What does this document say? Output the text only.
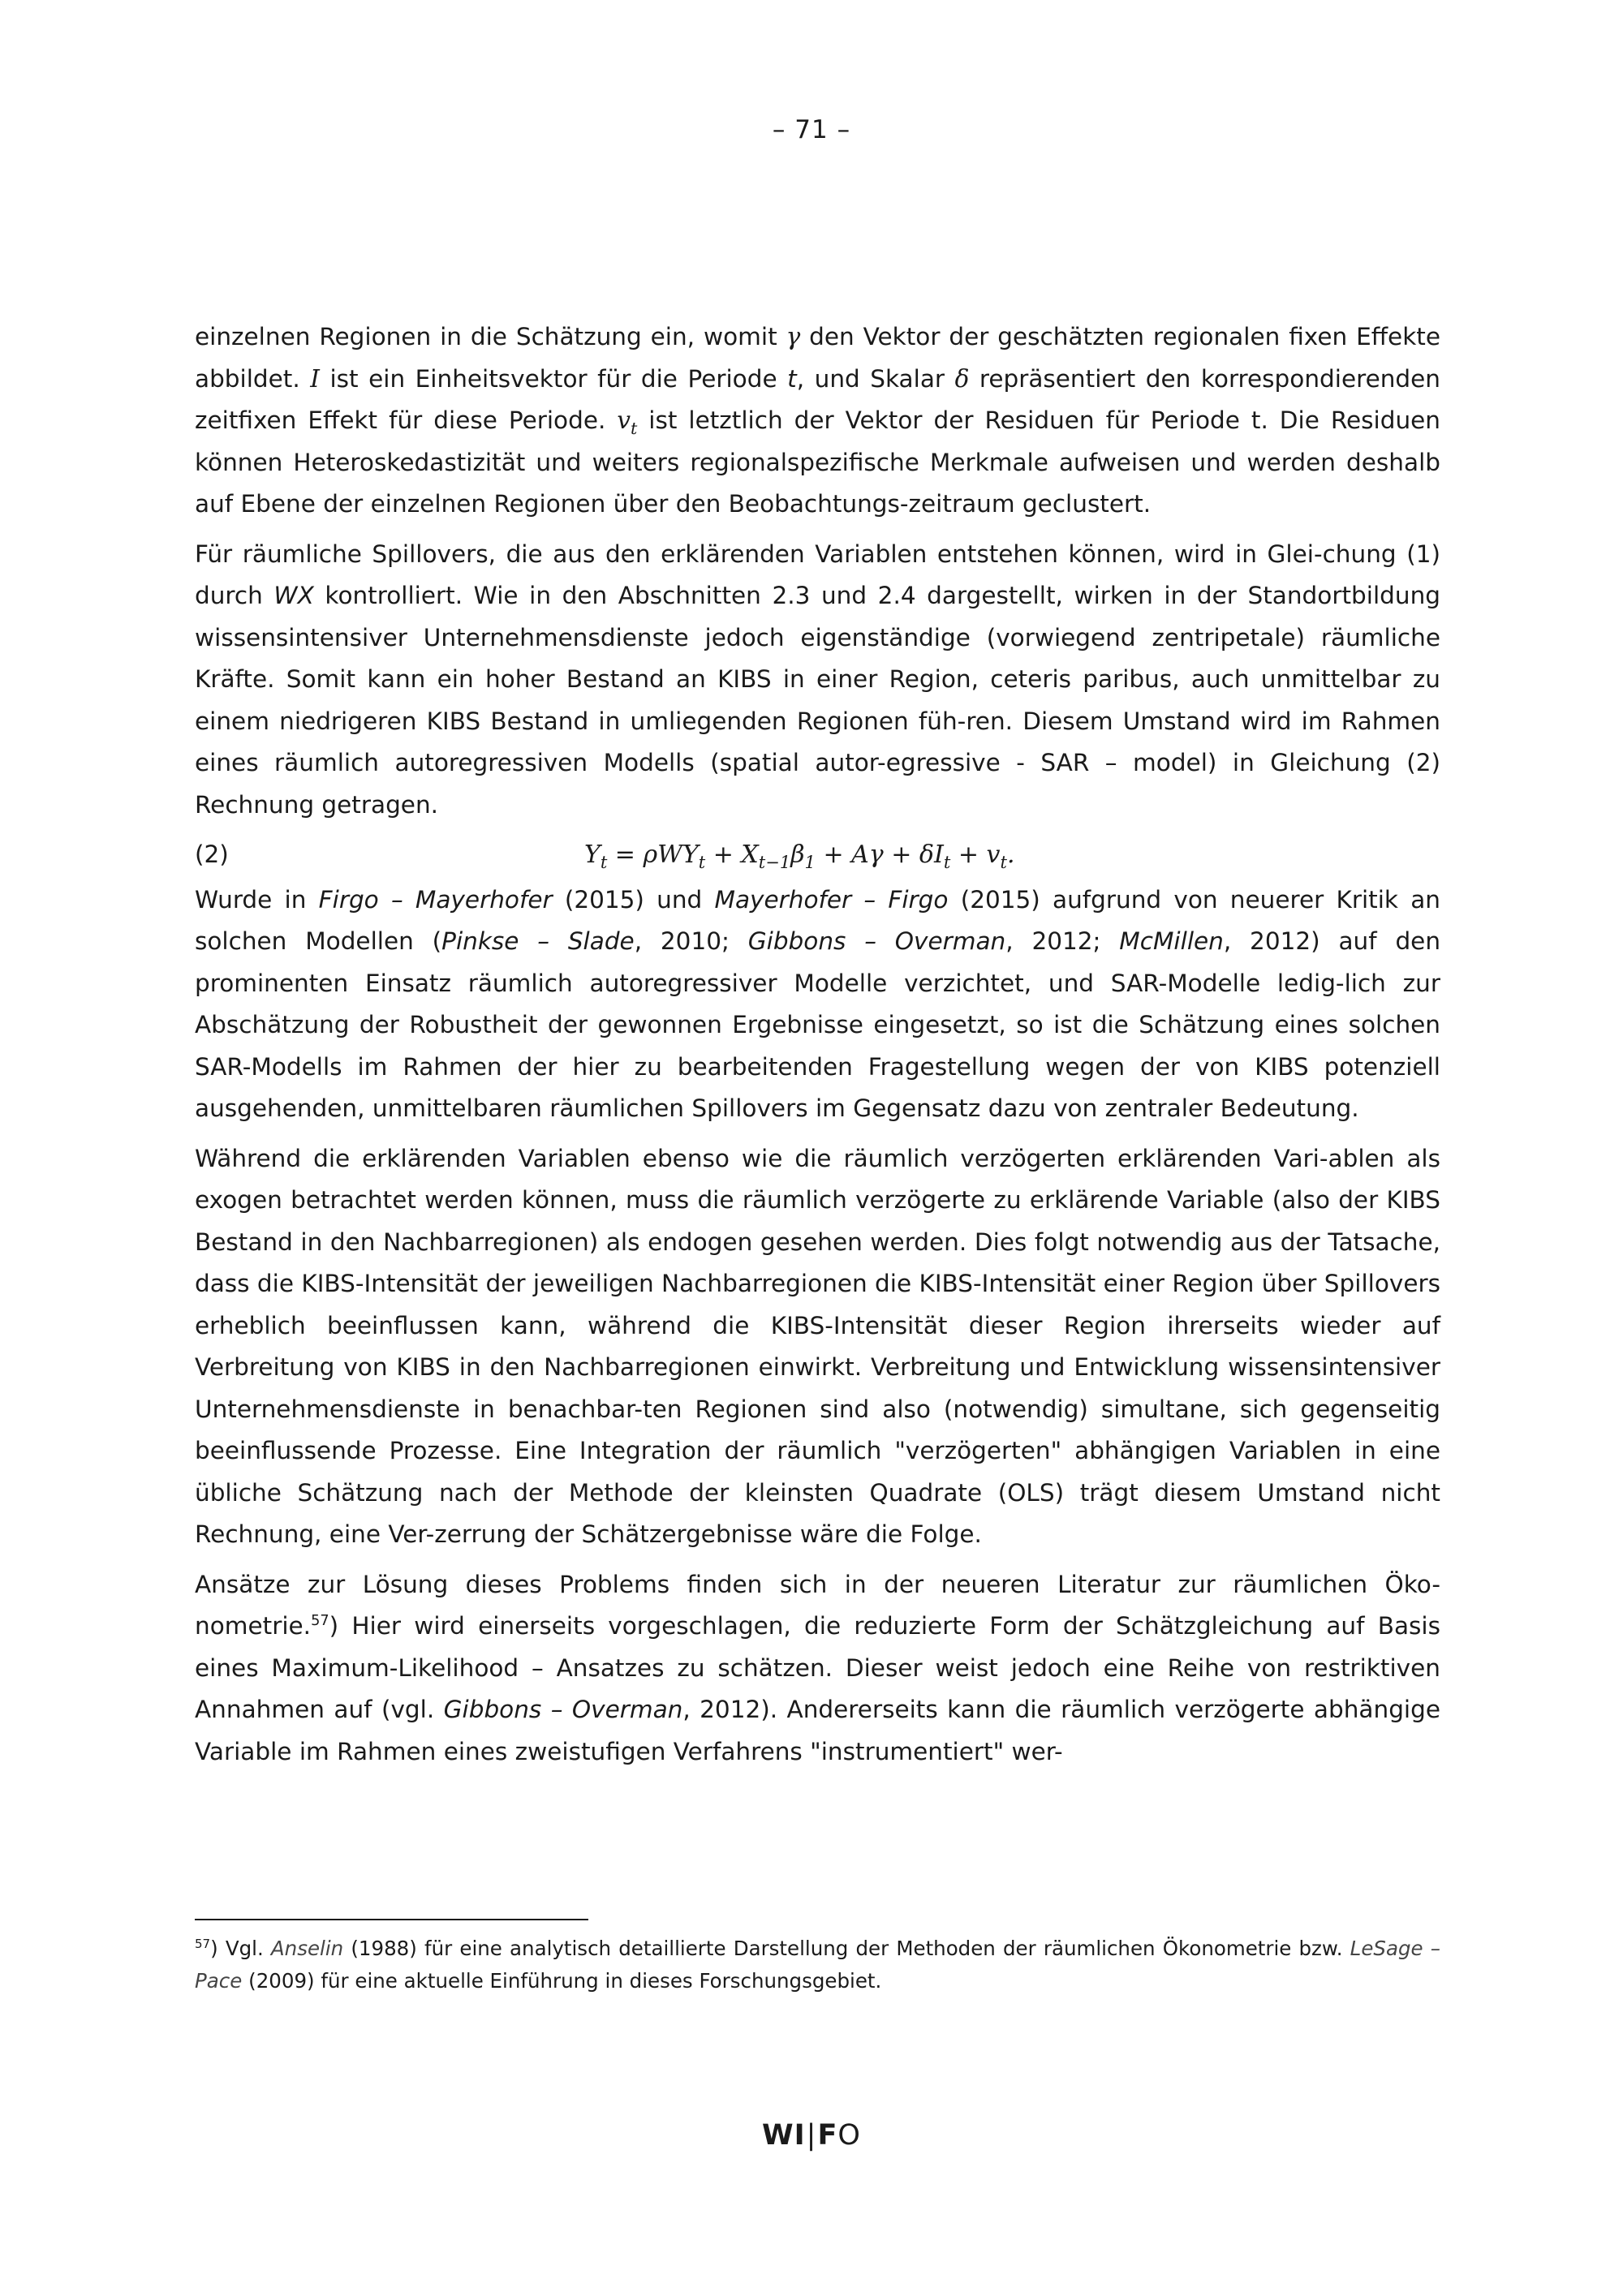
– 71 –

einzelnen Regionen in die Schätzung ein, womit γ den Vektor der geschätzten regionalen fixen Effekte abbildet. I ist ein Einheitsvektor für die Periode t, und Skalar δ repräsentiert den korrespondierenden zeitfixen Effekt für diese Periode. $v_t$ ist letztlich der Vektor der Residuen für Periode t. Die Residuen können Heteroskedastizität und weiters regionalspezifische Merkmale aufweisen und werden deshalb auf Ebene der einzelnen Regionen über den Beobachtungs-zeitraum geclustert.

Für räumliche Spillovers, die aus den erklärenden Variablen entstehen können, wird in Glei-chung (1) durch WX kontrolliert. Wie in den Abschnitten 2.3 und 2.4 dargestellt, wirken in der Standortbildung wissensintensiver Unternehmensdienste jedoch eigenständige (vorwiegend zentripetale) räumliche Kräfte. Somit kann ein hoher Bestand an KIBS in einer Region, ceteris paribus, auch unmittelbar zu einem niedrigeren KIBS Bestand in umliegenden Regionen füh-ren. Diesem Umstand wird im Rahmen eines räumlich autoregressiven Modells (spatial autor-egressive - SAR – model) in Gleichung (2) Rechnung getragen.

(2)	$Y_t = \rho WY_t + X_{t-1}\beta_1 + A\gamma + \delta I_t + v_t$.

Wurde in Firgo – Mayerhofer (2015) und Mayerhofer – Firgo (2015) aufgrund von neuerer Kritik an solchen Modellen (Pinkse – Slade, 2010; Gibbons – Overman, 2012; McMillen, 2012) auf den prominenten Einsatz räumlich autoregressiver Modelle verzichtet, und SAR-Modelle ledig-lich zur Abschätzung der Robustheit der gewonnen Ergebnisse eingesetzt, so ist die Schätzung eines solchen SAR-Modells im Rahmen der hier zu bearbeitenden Fragestellung wegen der von KIBS potenziell ausgehenden, unmittelbaren räumlichen Spillovers im Gegensatz dazu von zentraler Bedeutung.

Während die erklärenden Variablen ebenso wie die räumlich verzögerten erklärenden Vari-ablen als exogen betrachtet werden können, muss die räumlich verzögerte zu erklärende Variable (also der KIBS Bestand in den Nachbarregionen) als endogen gesehen werden. Dies folgt notwendig aus der Tatsache, dass die KIBS-Intensität der jeweiligen Nachbarregionen die KIBS-Intensität einer Region über Spillovers erheblich beeinflussen kann, während die KIBS-Intensität dieser Region ihrerseits wieder auf Verbreitung von KIBS in den Nachbarregionen einwirkt. Verbreitung und Entwicklung wissensintensiver Unternehmensdienste in benachbar-ten Regionen sind also (notwendig) simultane, sich gegenseitig beeinflussende Prozesse. Eine Integration der räumlich "verzögerten" abhängigen Variablen in eine übliche Schätzung nach der Methode der kleinsten Quadrate (OLS) trägt diesem Umstand nicht Rechnung, eine Ver-zerrung der Schätzergebnisse wäre die Folge.

Ansätze zur Lösung dieses Problems finden sich in der neueren Literatur zur räumlichen Öko-nometrie.$^{57}$) Hier wird einerseits vorgeschlagen, die reduzierte Form der Schätzgleichung auf Basis eines Maximum-Likelihood – Ansatzes zu schätzen. Dieser weist jedoch eine Reihe von restriktiven Annahmen auf (vgl. Gibbons – Overman, 2012). Andererseits kann die räumlich verzögerte abhängige Variable im Rahmen eines zweistufigen Verfahrens "instrumentiert" wer-

$^{57}$) Vgl. Anselin (1988) für eine analytisch detaillierte Darstellung der Methoden der räumlichen Ökonometrie bzw. LeSage – Pace (2009) für eine aktuelle Einführung in dieses Forschungsgebiet.
WI|FO
